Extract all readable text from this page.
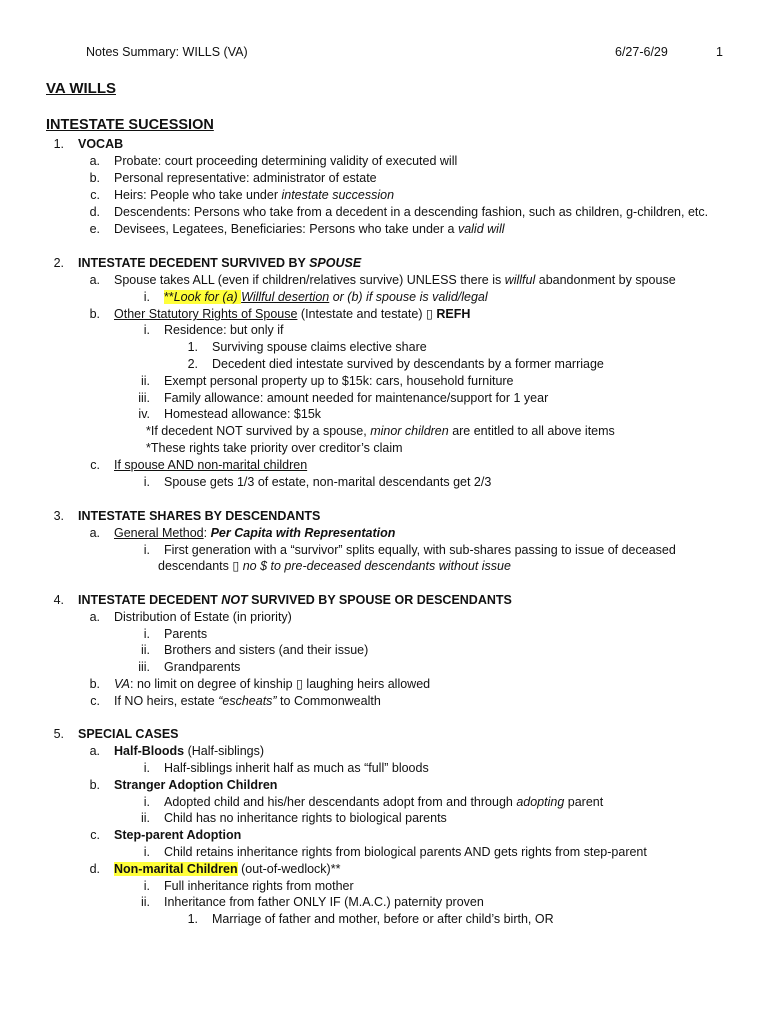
Notes Summary: WILLS (VA)	6/27-6/29	1
VA WILLS
INTESTATE SUCESSION
1. VOCAB
a. Probate: court proceeding determining validity of executed will
b. Personal representative: administrator of estate
c. Heirs: People who take under intestate succession
d. Descendents: Persons who take from a decedent in a descending fashion, such as children, g-children, etc.
e. Devisees, Legatees, Beneficiaries: Persons who take under a valid will
2. INTESTATE DECEDENT SURVIVED BY SPOUSE
a. Spouse takes ALL (even if children/relatives survive) UNLESS there is willful abandonment by spouse
i. **Look for (a) Willful desertion or (b) if spouse is valid/legal
b. Other Statutory Rights of Spouse (Intestate and testate) ▯ REFH
i. Residence: but only if
1. Surviving spouse claims elective share
2. Decedent died intestate survived by descendants by a former marriage
ii. Exempt personal property up to $15k: cars, household furniture
iii. Family allowance: amount needed for maintenance/support for 1 year
iv. Homestead allowance: $15k
*If decedent NOT survived by a spouse, minor children are entitled to all above items
*These rights take priority over creditor’s claim
c. If spouse AND non-marital children
i. Spouse gets 1/3 of estate, non-marital descendants get 2/3
3. INTESTATE SHARES BY DESCENDANTS
a. General Method: Per Capita with Representation
i. First generation with a “survivor” splits equally, with sub-shares passing to issue of deceased
descendants ▯ no $ to pre-deceased descendants without issue
4. INTESTATE DECEDENT NOT SURVIVED BY SPOUSE OR DESCENDANTS
a. Distribution of Estate (in priority)
i. Parents
ii. Brothers and sisters (and their issue)
iii. Grandparents
b. VA: no limit on degree of kinship ▯ laughing heirs allowed
c. If NO heirs, estate “escheats” to Commonwealth
5. SPECIAL CASES
a. Half-Bloods (Half-siblings)
i. Half-siblings inherit half as much as “full” bloods
b. Stranger Adoption Children
i. Adopted child and his/her descendants adopt from and through adopting parent
ii. Child has no inheritance rights to biological parents
c. Step-parent Adoption
i. Child retains inheritance rights from biological parents AND gets rights from step-parent
d. Non-marital Children (out-of-wedlock)**
i. Full inheritance rights from mother
ii. Inheritance from father ONLY IF (M.A.C.) paternity proven
1. Marriage of father and mother, before or after child’s birth, OR
